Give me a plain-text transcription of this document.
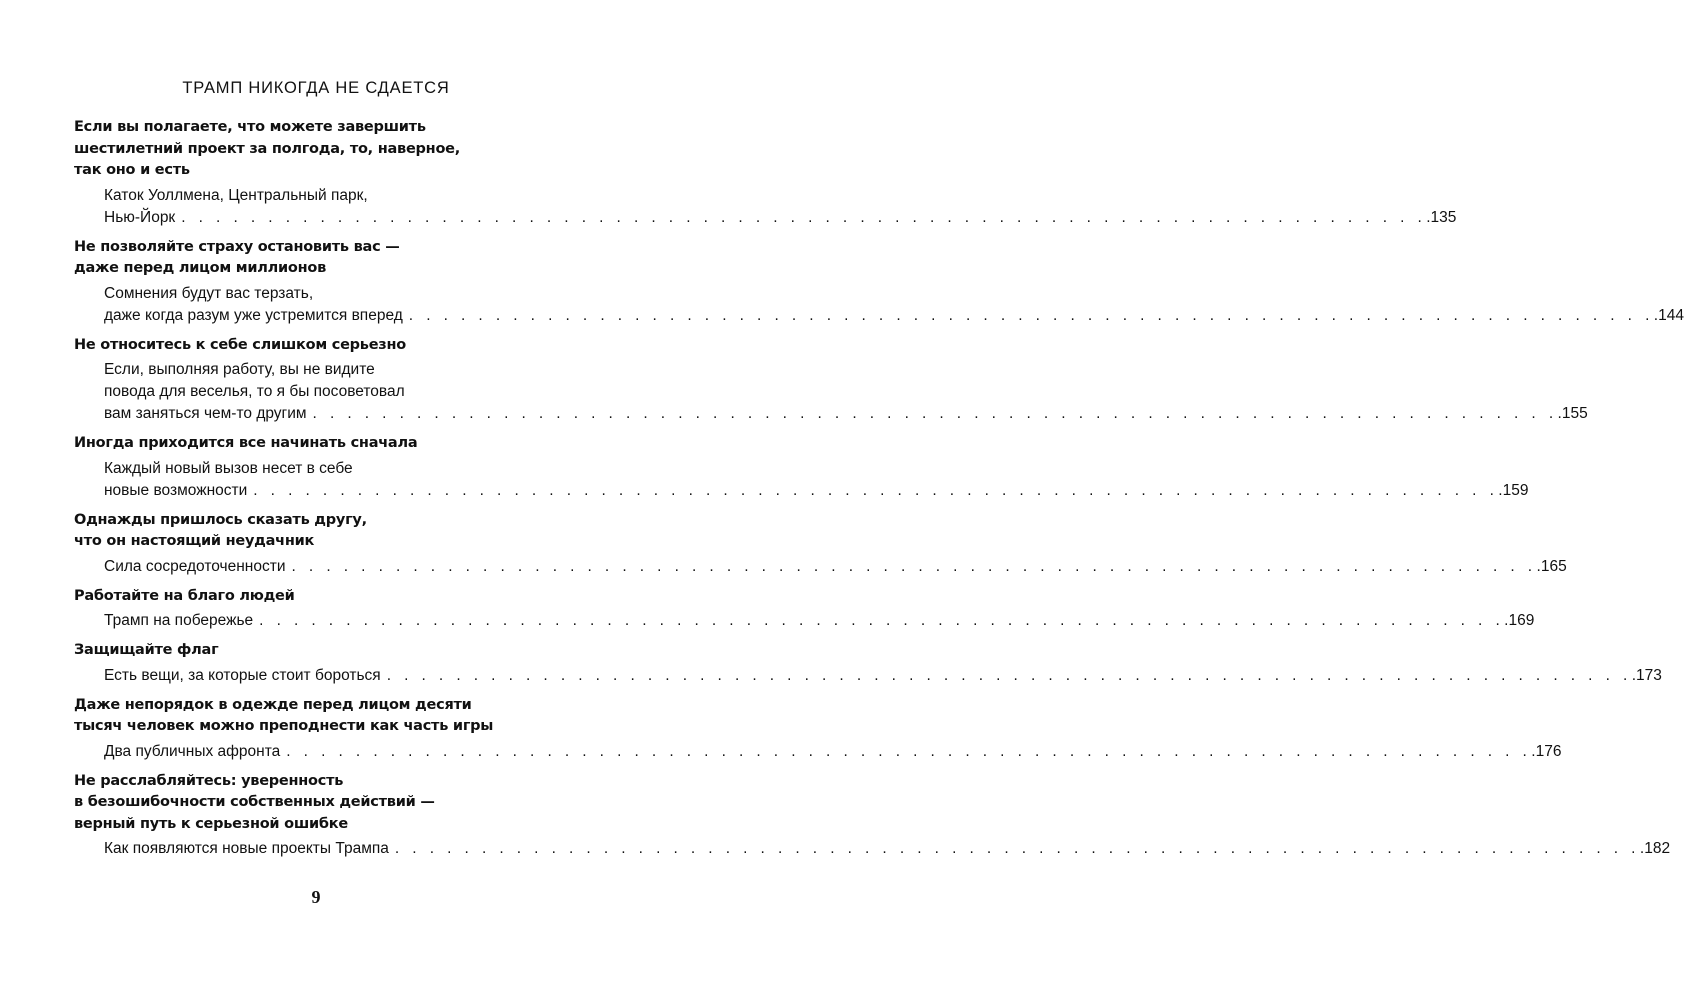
ТРАМП НИКОГДА НЕ СДАЕТСЯ
Если вы полагаете, что можете завершить
шестилетний проект за полгода, то, наверное,
так оно и есть
Каток Уоллмена, Центральный парк,
Нью-Йорк . . . . . . . . . . . . . . . . . . . . . . . . . . . . . . . . . . . . . . . . . . . . . . . . . . . . . . . . . . . . . . . . . . . . . . . . .135
Не позволяйте страху остановить вас —
даже перед лицом миллионов
Сомнения будут вас терзать,
даже когда разум уже устремится вперед . . . . . . . . . . . . . . . . . . . . . . . . . . . . . . . . . . . . . . . . . . . . . . . . . . . . . . . . . . . . . . . . . . . . . . . . .144
Не относитесь к себе слишком серьезно
Если, выполняя работу, вы не видите
повода для веселья, то я бы посоветовал
вам заняться чем-то другим . . . . . . . . . . . . . . . . . . . . . . . . . . . . . . . . . . . . . . . . . . . . . . . . . . . . . . . . . . . . . . . . . . . . . . . . .155
Иногда приходится все начинать сначала
Каждый новый вызов несет в себе
новые возможности . . . . . . . . . . . . . . . . . . . . . . . . . . . . . . . . . . . . . . . . . . . . . . . . . . . . . . . . . . . . . . . . . . . . . . . . .159
Однажды пришлось сказать другу,
что он настоящий неудачник
Сила сосредоточенности . . . . . . . . . . . . . . . . . . . . . . . . . . . . . . . . . . . . . . . . . . . . . . . . . . . . . . . . . . . . . . . . . . . . . . . . .165
Работайте на благо людей
Трамп на побережье . . . . . . . . . . . . . . . . . . . . . . . . . . . . . . . . . . . . . . . . . . . . . . . . . . . . . . . . . . . . . . . . . . . . . . . . .169
Защищайте флаг
Есть вещи, за которые стоит бороться . . . . . . . . . . . . . . . . . . . . . . . . . . . . . . . . . . . . . . . . . . . . . . . . . . . . . . . . . . . . . . . . . . . . . . . . .173
Даже непорядок в одежде перед лицом десяти
тысяч человек можно преподнести как часть игры
Два публичных афронта . . . . . . . . . . . . . . . . . . . . . . . . . . . . . . . . . . . . . . . . . . . . . . . . . . . . . . . . . . . . . . . . . . . . . . . . .176
Не расслабляйтесь: уверенность
в безошибочности собственных действий —
верный путь к серьезной ошибке
Как появляются новые проекты Трампа . . . . . . . . . . . . . . . . . . . . . . . . . . . . . . . . . . . . . . . . . . . . . . . . . . . . . . . . . . . . . . . . . . . . . . . . .182
9
